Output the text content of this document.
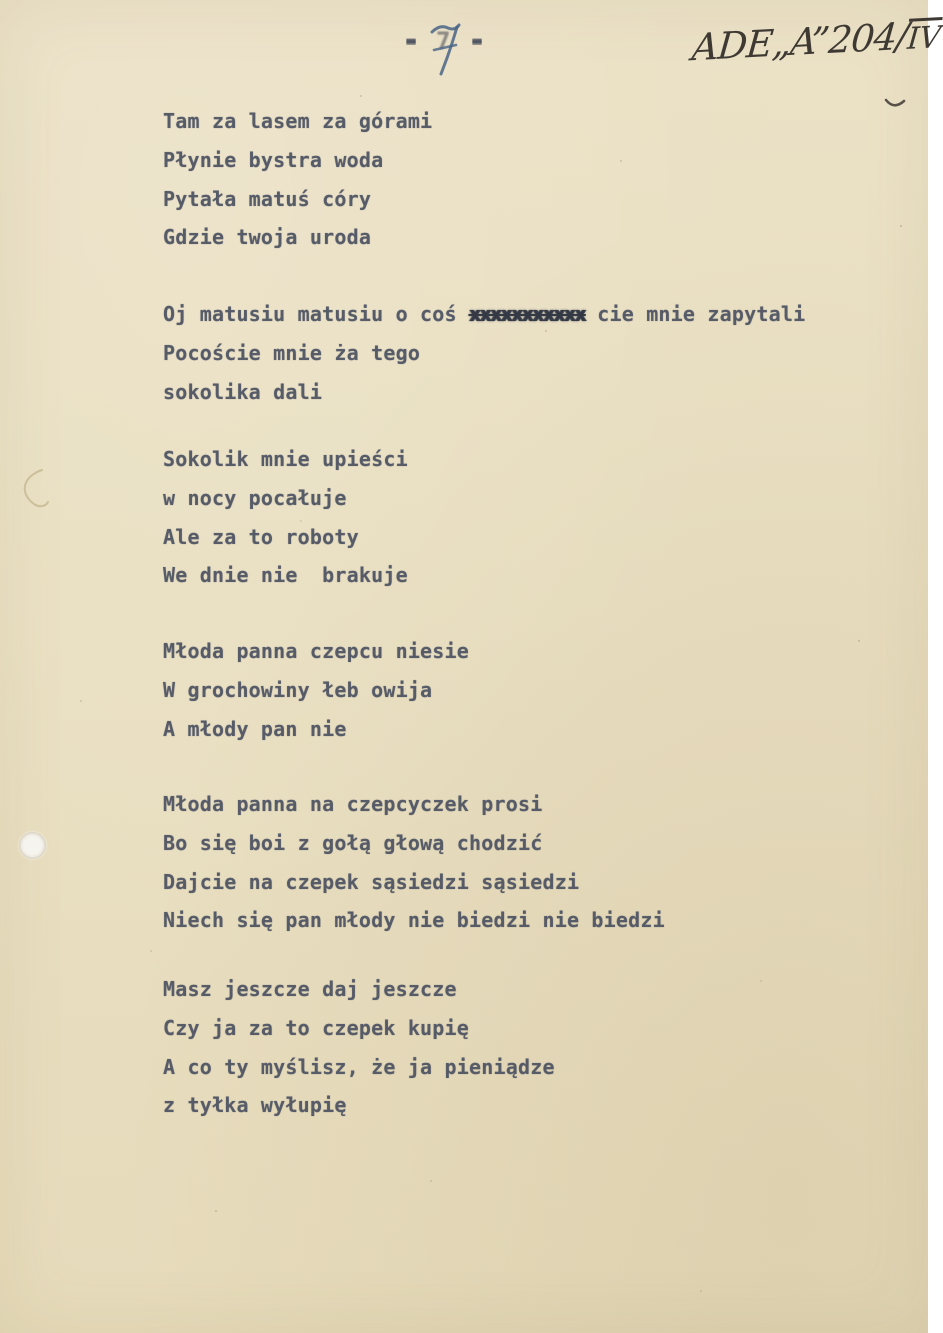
- 7 -	$ADE„A”204/\overline{IV}$
Tam za lasem za górami
Płynie bystra woda
Pytała matuś córy
Gdzie twoja uroda
Oj matusiu matusiu o coś xxxxxxxxxxx cie mnie zapytali
Pocoście mnie ża tego
sokolika dali
Sokolik mnie upieści
w nocy pocałuje
Ale za to roboty
We dnie nie  brakuje
Młoda panna czepcu niesie
W grochowiny łeb owija
A młody pan nie
Młoda panna na czepcyczek prosi
Bo się boi z gołą głową chodzić
Dajcie na czepek sąsiedzi sąsiedzi
Niech się pan młody nie biedzi nie biedzi
Masz jeszcze daj jeszcze
Czy ja za to czepek kupię
A co ty myślisz, że ja pieniądze
z tyłka wyłupię
